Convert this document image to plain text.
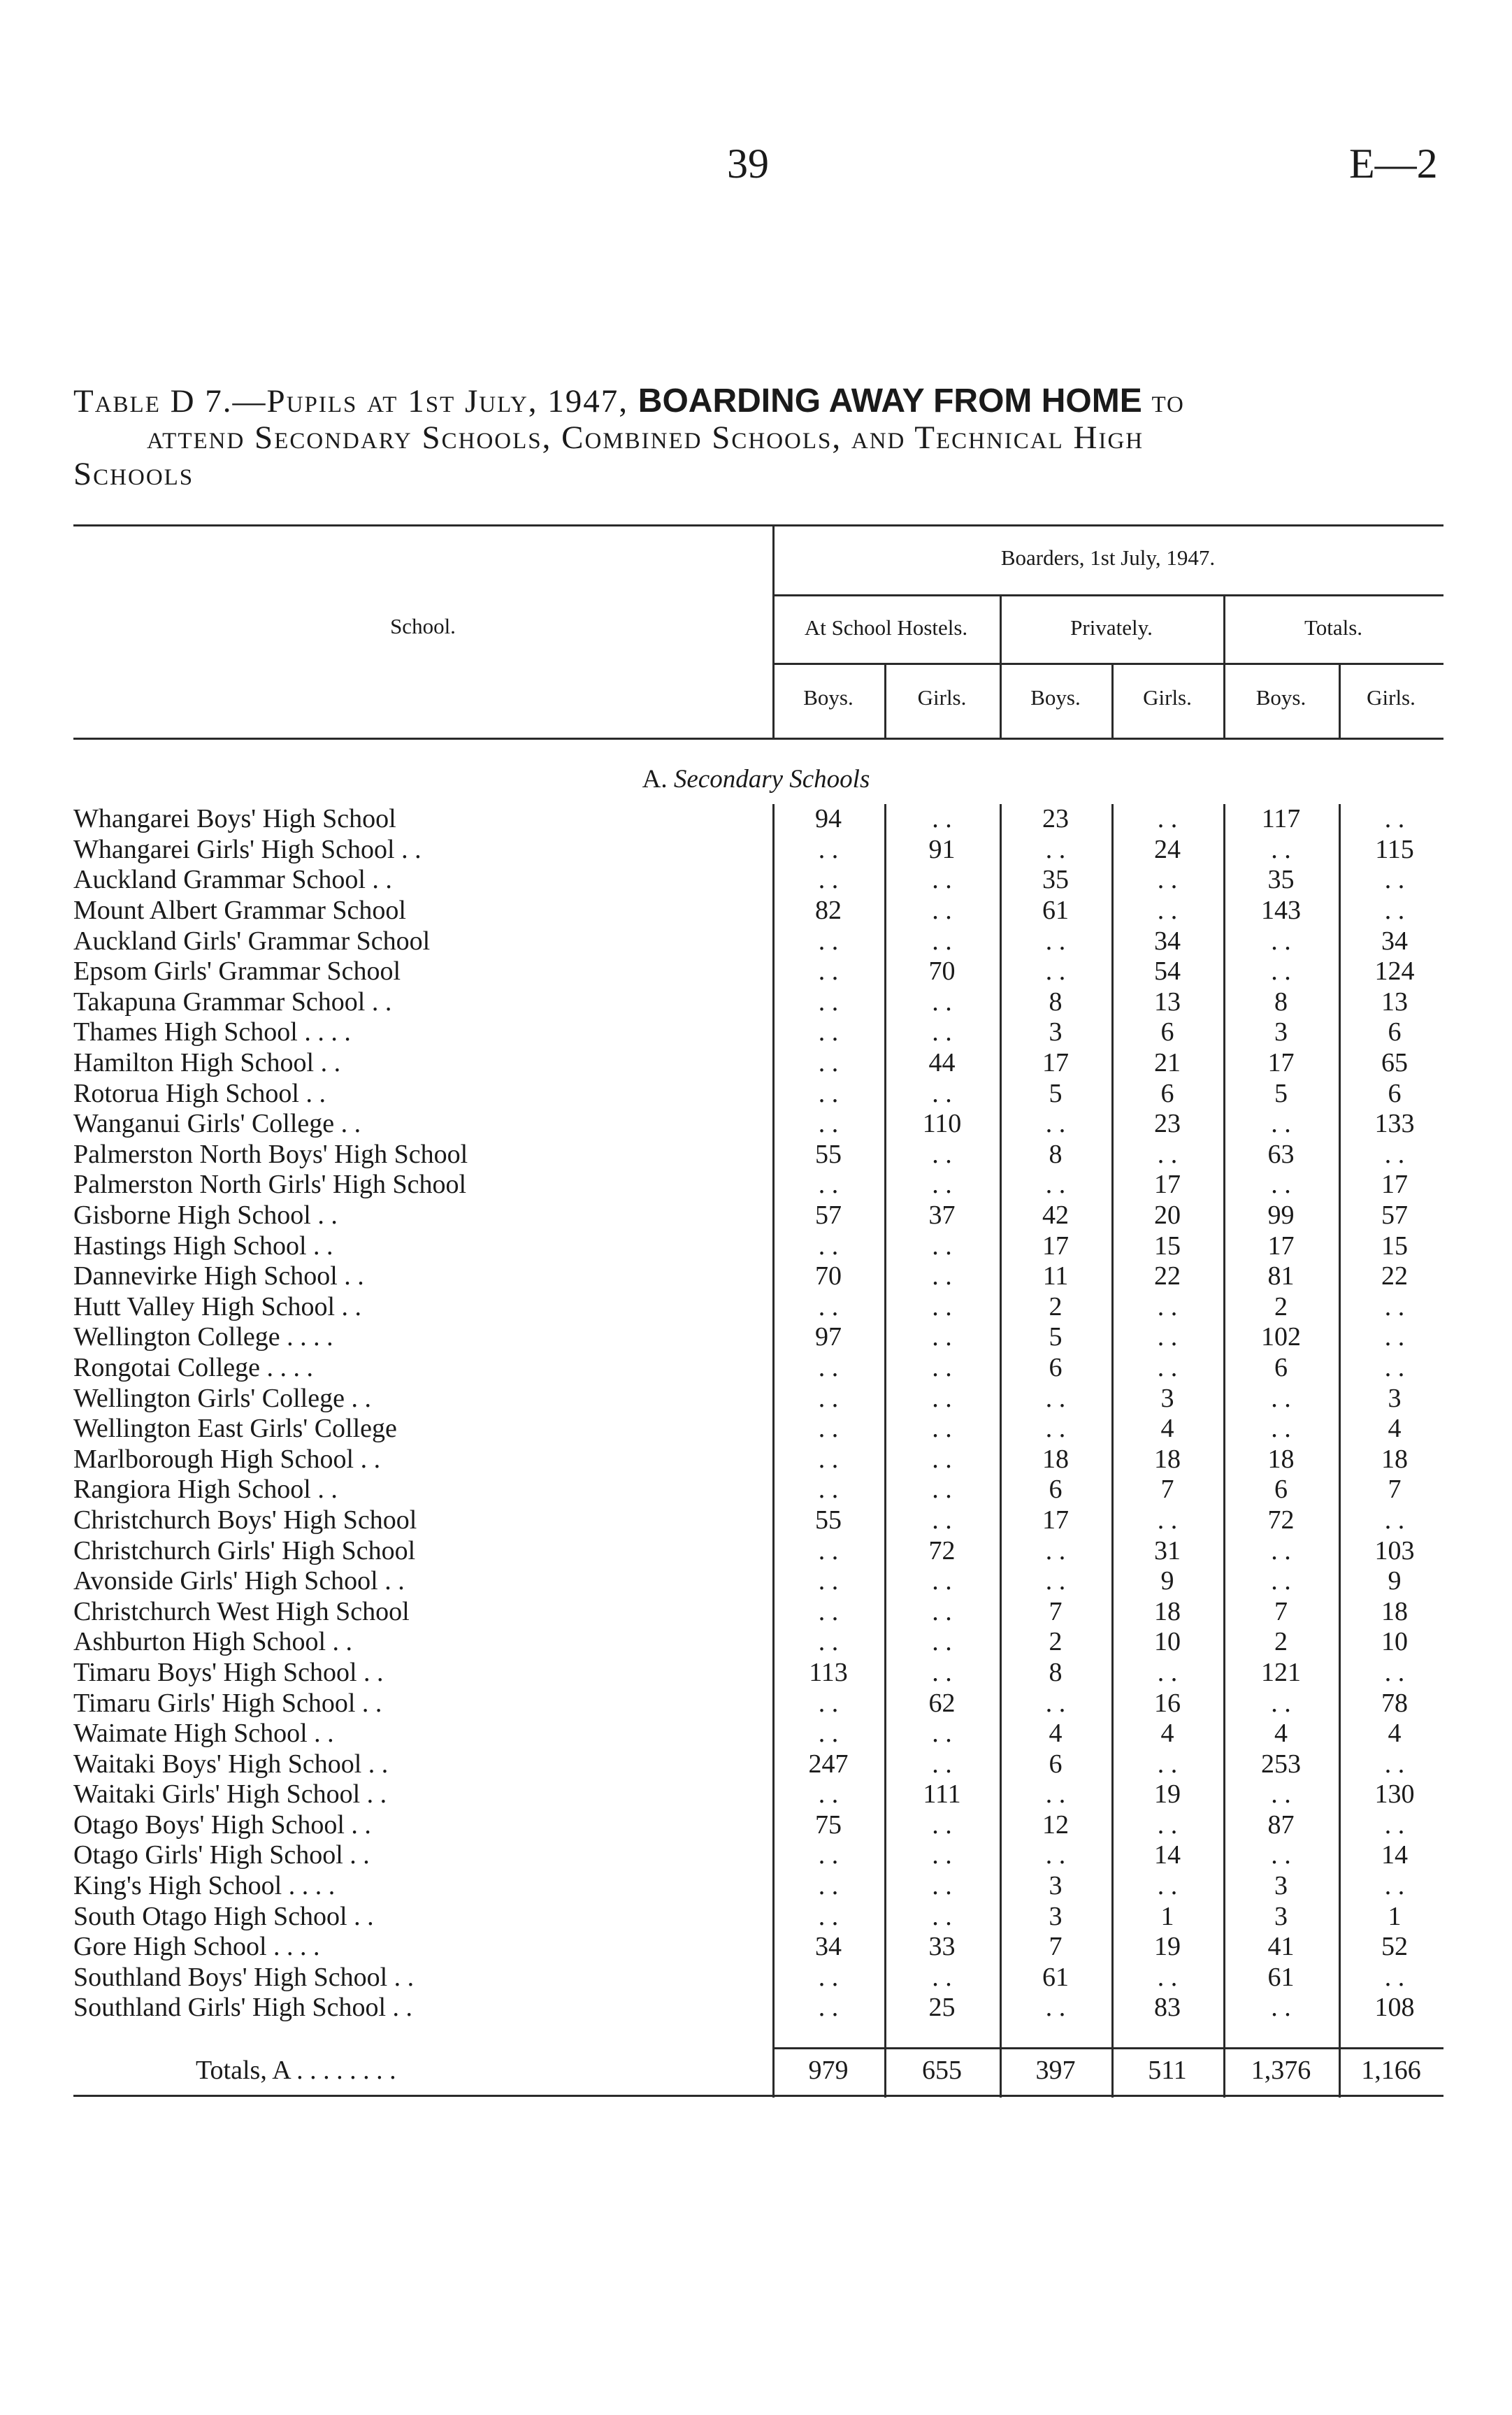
39	E—2
Table D 7.—Pupils at 1st July, 1947, BOARDING AWAY FROM HOME to
attend Secondary Schools, Combined Schools, and Technical High
Schools
School.
Boarders, 1st July, 1947.
At School Hostels.	Privately.	Totals.
Boys.	Girls.	Boys.	Girls.	Boys.	Girls.
A. Secondary Schools
Whangarei Boys' High School	94	. .	23	. .	117	. .
Whangarei Girls' High School . .	. .	91	. .	24	. .	115
Auckland Grammar School . .	. .	. .	35	. .	35	. .
Mount Albert Grammar School	82	. .	61	. .	143	. .
Auckland Girls' Grammar School	. .	. .	. .	34	. .	34
Epsom Girls' Grammar School	. .	70	. .	54	. .	124
Takapuna Grammar School . .	. .	. .	8	13	8	13
Thames High School . . . .	. .	. .	3	6	3	6
Hamilton High School . .	. .	44	17	21	17	65
Rotorua High School . .	. .	. .	5	6	5	6
Wanganui Girls' College . .	. .	110	. .	23	. .	133
Palmerston North Boys' High School	55	. .	8	. .	63	. .
Palmerston North Girls' High School	. .	. .	. .	17	. .	17
Gisborne High School . .	57	37	42	20	99	57
Hastings High School . .	. .	. .	17	15	17	15
Dannevirke High School . .	70	. .	11	22	81	22
Hutt Valley High School . .	. .	. .	2	. .	2	. .
Wellington College . . . .	97	. .	5	. .	102	. .
Rongotai College . . . .	. .	. .	6	. .	6	. .
Wellington Girls' College . .	. .	. .	. .	3	. .	3
Wellington East Girls' College	. .	. .	. .	4	. .	4
Marlborough High School . .	. .	. .	18	18	18	18
Rangiora High School . .	. .	. .	6	7	6	7
Christchurch Boys' High School	55	. .	17	. .	72	. .
Christchurch Girls' High School	. .	72	. .	31	. .	103
Avonside Girls' High School . .	. .	. .	. .	9	. .	9
Christchurch West High School	. .	. .	7	18	7	18
Ashburton High School . .	. .	. .	2	10	2	10
Timaru Boys' High School . .	113	. .	8	. .	121	. .
Timaru Girls' High School . .	. .	62	. .	16	. .	78
Waimate High School . .	. .	. .	4	4	4	4
Waitaki Boys' High School . .	247	. .	6	. .	253	. .
Waitaki Girls' High School . .	. .	111	. .	19	. .	130
Otago Boys' High School . .	75	. .	12	. .	87	. .
Otago Girls' High School . .	. .	. .	. .	14	. .	14
King's High School . . . .	. .	. .	3	. .	3	. .
South Otago High School . .	. .	. .	3	1	3	1
Gore High School . . . .	34	33	7	19	41	52
Southland Boys' High School . .	. .	. .	61	. .	61	. .
Southland Girls' High School . .	. .	25	. .	83	. .	108
Totals, A . . . . . . . .	979	655	397	511	1,376	1,166
